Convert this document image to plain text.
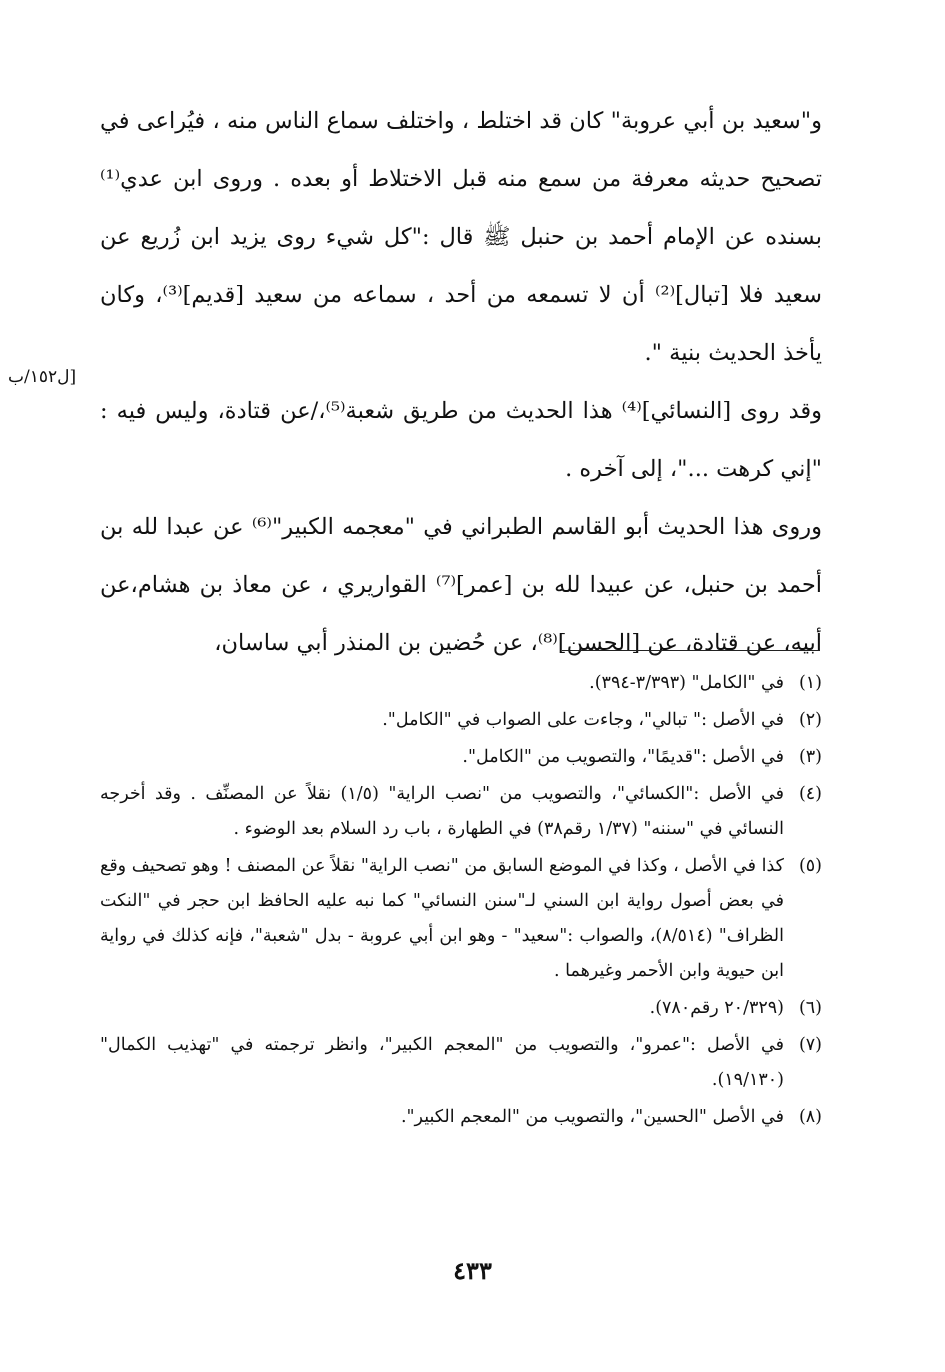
و"سعيد بن أبي عروبة" كان قد اختلط ، واختلف سماع الناس منه ، فيُراعى في تصحيح حديثه معرفة من سمع منه قبل الاختلاط أو بعده . وروى ابن عدي⁽¹⁾ بسنده عن الإمام أحمد بن حنبل ﷺ قال :"كل شيء روى يزيد ابن زُريع عن سعيد فلا [تبال]⁽²⁾ أن لا تسمعه من أحد ، سماعه من سعيد [قديم]⁽³⁾، وكان يأخذ الحديث بنية ".

وقد روى [النسائي]⁽⁴⁾ هذا الحديث من طريق شعبة⁽⁵⁾،/عن قتادة، وليس فيه : "إني كرهت ..."، إلى آخره .

وروى هذا الحديث أبو القاسم الطبراني في "معجمه الكبير"⁽⁶⁾ عن عبدا لله بن أحمد بن حنبل، عن عبيدا لله بن [عمر]⁽⁷⁾ القواريري ، عن معاذ بن هشام،عن أبيه، عن قتادة، عن [الحسن]⁽⁸⁾، عن حُضين بن المنذر أبي ساسان،

[ل١٥٢/ب
(١)
في "الكامل" (٣/٣٩٣-٣٩٤).
(٢)
في الأصل :" تبالي"، وجاءت على الصواب في "الكامل".
(٣)
في الأصل :"قديمًا"، والتصويب من "الكامل".
(٤)
في الأصل :"الكسائي"، والتصويب من "نصب الراية" (١/٥) نقلاً عن المصنِّف . وقد أخرجه النسائي في "سننه" (١/٣٧ رقم٣٨) في الطهارة ، باب رد السلام بعد الوضوء .
(٥)
كذا في الأصل ، وكذا في الموضع السابق من "نصب الراية" نقلاً عن المصنف ! وهو تصحيف وقع في بعض أصول رواية ابن السني لـ"سنن النسائي" كما نبه عليه الحافظ ابن حجر في "النكت الظراف" (٨/٥١٤)، والصواب :"سعيد" - وهو ابن أبي عروبة - بدل "شعبة"، فإنه كذلك في رواية ابن حيوية وابن الأحمر وغيرهما .
(٦)
(٢٠/٣٢٩ رقم٧٨٠).
(٧)
في الأصل :"عمرو"، والتصويب من "المعجم الكبير"، وانظر ترجمته في "تهذيب الكمال" (١٩/١٣٠).
(٨)
في الأصل "الحسين"، والتصويب من "المعجم الكبير".
٤٣٣
